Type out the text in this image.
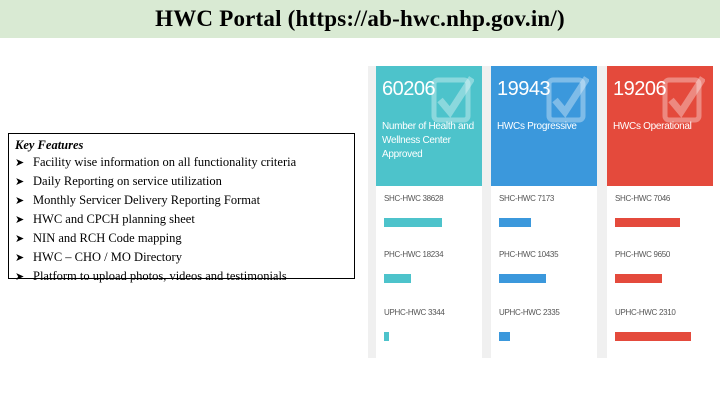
HWC Portal (https://ab-hwc.nhp.gov.in/)
Key Features
➤ Facility wise information on all functionality criteria
➤ Daily Reporting on service utilization
➤ Monthly Servicer Delivery Reporting Format
➤ HWC and CPCH planning sheet
➤ NIN and RCH Code mapping
➤ HWC – CHO / MO Directory
➤ Platform to upload photos, videos and testimonials
60206
Number of Health and Wellness Center Approved
SHC-HWC 38628
PHC-HWC 18234
UPHC-HWC 3344
19943
HWCs Progressive
SHC-HWC 7173
PHC-HWC 10435
UPHC-HWC 2335
19206
HWCs Operational
SHC-HWC 7046
PHC-HWC 9650
UPHC-HWC 2310
